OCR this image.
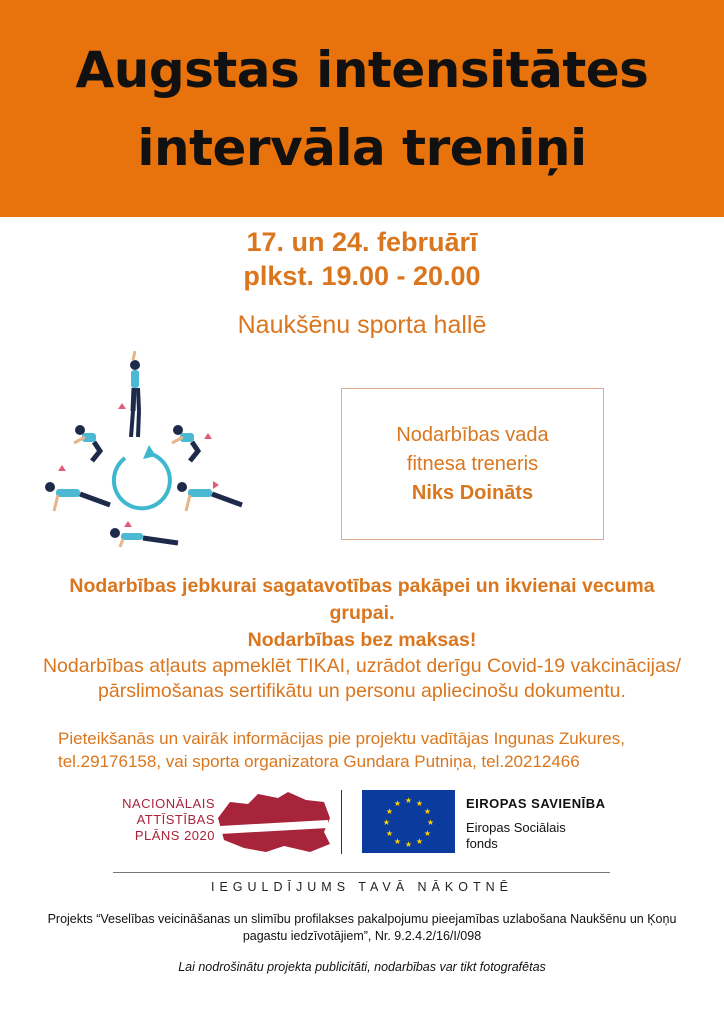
Augstas intensitātes
intervāla treniņi
17. un 24. februārī
plkst. 19.00 - 20.00
Naukšēnu sporta hallē
Nodarbības vada
fitnesa treneris
Niks Doināts
Nodarbības jebkurai sagatavotības pakāpei un ikvienai vecuma grupai.
Nodarbības bez maksas!
Nodarbības atļauts apmeklēt TIKAI, uzrādot derīgu Covid-19 vakcinācijas/ pārslimošanas sertifikātu un personu apliecinošu dokumentu.
Pieteikšanās un vairāk informācijas pie projektu vadītājas Ingunas Zukures,
tel.29176158, vai sporta organizatora Gundara Putniņa, tel.20212466
NACIONĀLAIS
ATTĪSTĪBAS
PLĀNS 2020
★ ★
★
★
★
★
★
★
★
★
★
★	EIROPAS SAVIENĪBA
Eiropas Sociālais
fonds
IEGULDĪJUMS TAVĀ NĀKOTNĒ
Projekts “Veselības veicināšanas un slimību profilakses pakalpojumu pieejamības uzlabošana Naukšēnu un Ķoņu pagastu iedzīvotājiem”, Nr. 9.2.4.2/16/I/098
Lai nodrošinātu projekta publicitāti, nodarbības var tikt fotografētas
